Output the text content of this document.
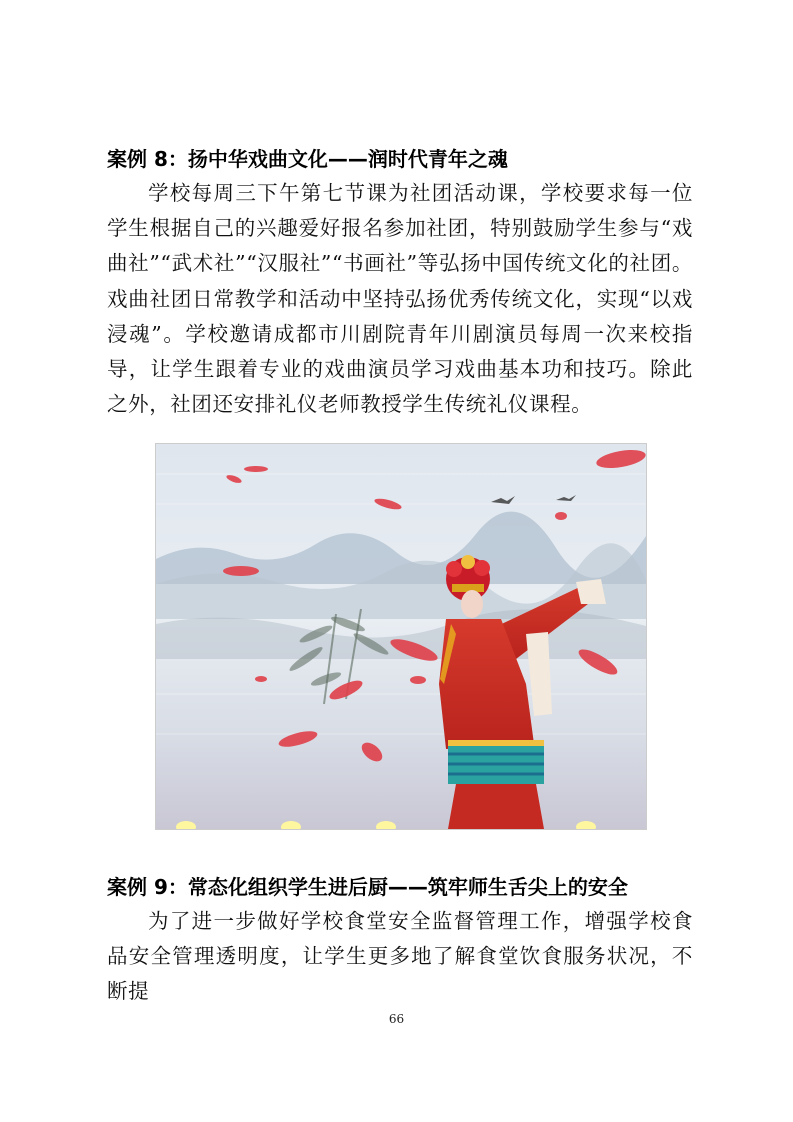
案例 8：扬中华戏曲文化——润时代青年之魂

学校每周三下午第七节课为社团活动课，学校要求每一位学生根据自己的兴趣爱好报名参加社团，特别鼓励学生参与“戏曲社”“武术社”“汉服社”“书画社”等弘扬中国传统文化的社团。戏曲社团日常教学和活动中坚持弘扬优秀传统文化，实现“以戏浸魂”。学校邀请成都市川剧院青年川剧演员每周一次来校指导，让学生跟着专业的戏曲演员学习戏曲基本功和技巧。除此之外，社团还安排礼仪老师教授学生传统礼仪课程。

案例 9：常态化组织学生进后厨——筑牢师生舌尖上的安全

为了进一步做好学校食堂安全监督管理工作，增强学校食品安全管理透明度，让学生更多地了解食堂饮食服务状况，不断提

66
